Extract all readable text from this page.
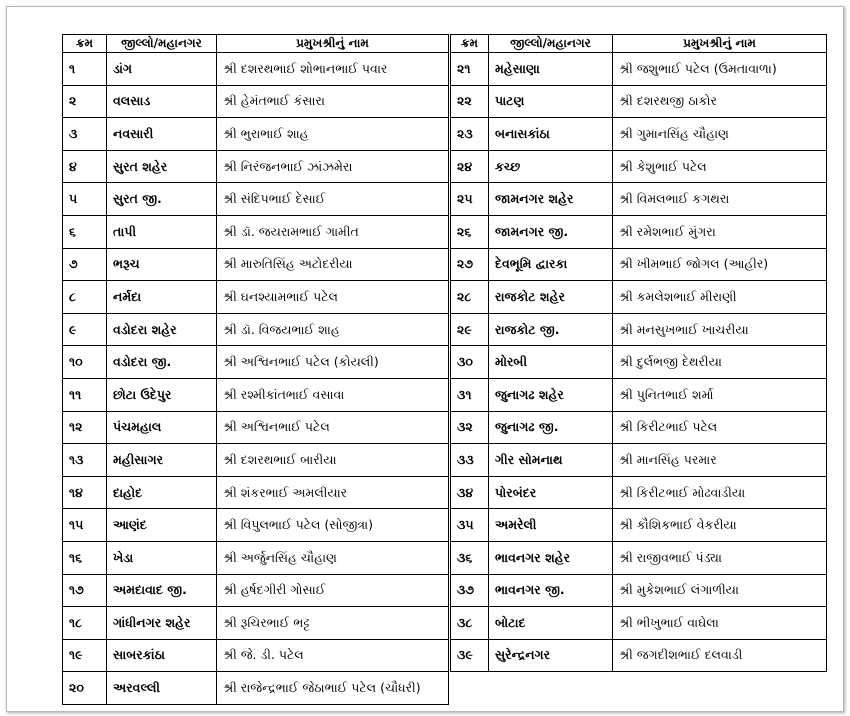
ક્રમ	જીલ્લો/મહાનગર	પ્રમુખશ્રીનું નામ
૧	ડાંગ	શ્રી દશરથભાઈ શોભાનભાઈ પવાર
૨	વલસાડ	શ્રી હેમંતભાઈ કંસારા
૩	નવસારી	શ્રી ભુરાભાઈ શાહ
૪	સુરત શહેર	શ્રી નિરંજનભાઈ ઝાંઝમેરા
૫	સુરત જી.	શ્રી સંદિપભાઈ દેસાઈ
૬	તાપી	શ્રી ડૉ. જયરામભાઈ ગામીત
૭	ભરૂચ	શ્રી મારુતિસિંહ અટોદરીયા
૮	નર્મદા	શ્રી ઘનશ્યામભાઈ પટેલ
૯	વડોદરા શહેર	શ્રી ડૉ. વિજયભાઈ શાહ
૧૦	વડોદરા જી.	શ્રી અશ્વિનભાઈ પટેલ (કોયલી)
૧૧	છોટા ઉદેપુર	શ્રી રશ્મીકાંતભાઈ વસાવા
૧૨	પંચમહાલ	શ્રી અશ્વિનભાઈ પટેલ
૧૩	મહીસાગર	શ્રી દશરથભાઈ બારીયા
૧૪	દાહોદ	શ્રી શંકરભાઈ અમલીયાર
૧૫	આણંદ	શ્રી વિપુલભાઈ પટેલ (સોજીત્રા)
૧૬	ખેડા	શ્રી અર્જુનસિંહ ચૌહાણ
૧૭	અમદાવાદ જી.	શ્રી હર્ષદગીરી ગોસાઈ
૧૮	ગાંધીનગર શહેર	શ્રી રૂચિરભાઈ ભટ્ટ
૧૯	સાબરકાંઠા	શ્રી જે. ડી. પટેલ
૨૦	અરવલ્લી	શ્રી રાજેન્દ્રભાઈ જેઠાભાઈ પટેલ (ચૌધરી)
ક્રમ	જીલ્લો/મહાનગર	પ્રમુખશ્રીનું નામ
૨૧	મહેસાણા	શ્રી જશુભાઈ પટેલ (ઉમતાવાળા)
૨૨	પાટણ	શ્રી દશરથજી ઠાકોર
૨૩	બનાસકાંઠા	શ્રી ગુમાનસિંહ ચૌહાણ
૨૪	કચ્છ	શ્રી કેશુભાઈ પટેલ
૨૫	જામનગર શહેર	શ્રી વિમલભાઈ કગથરા
૨૬	જામનગર જી.	શ્રી રમેશભાઈ મુંગરા
૨૭	દેવભૂમિ દ્વારકા	શ્રી ખીમભાઈ જોગલ (આહીર)
૨૮	રાજકોટ શહેર	શ્રી કમલેશભાઈ મીરાણી
૨૯	રાજકોટ જી.	શ્રી મનસુખભાઈ ખાચરીયા
૩૦	મોરબી	શ્રી દુર્લભજી દેથરીયા
૩૧	જુનાગઢ શહેર	શ્રી પુનિતભાઈ શર્મા
૩૨	જુનાગઢ જી.	શ્રી કિરીટભાઈ પટેલ
૩૩	ગીર સોમનાથ	શ્રી માનસિંહ પરમાર
૩૪	પોરબંદર	શ્રી કિરીટભાઈ મોઢવાડીયા
૩૫	અમરેલી	શ્રી કૌશિકભાઈ વેકરીયા
૩૬	ભાવનગર શહેર	શ્રી રાજીવભાઈ પંડ્યા
૩૭	ભાવનગર જી.	શ્રી મુકેશભાઈ લંગાળીયા
૩૮	બોટાદ	શ્રી ભીખુભાઈ વાઘેલા
૩૯	સુરેન્દ્રનગર	શ્રી જગદીશભાઈ દલવાડી
